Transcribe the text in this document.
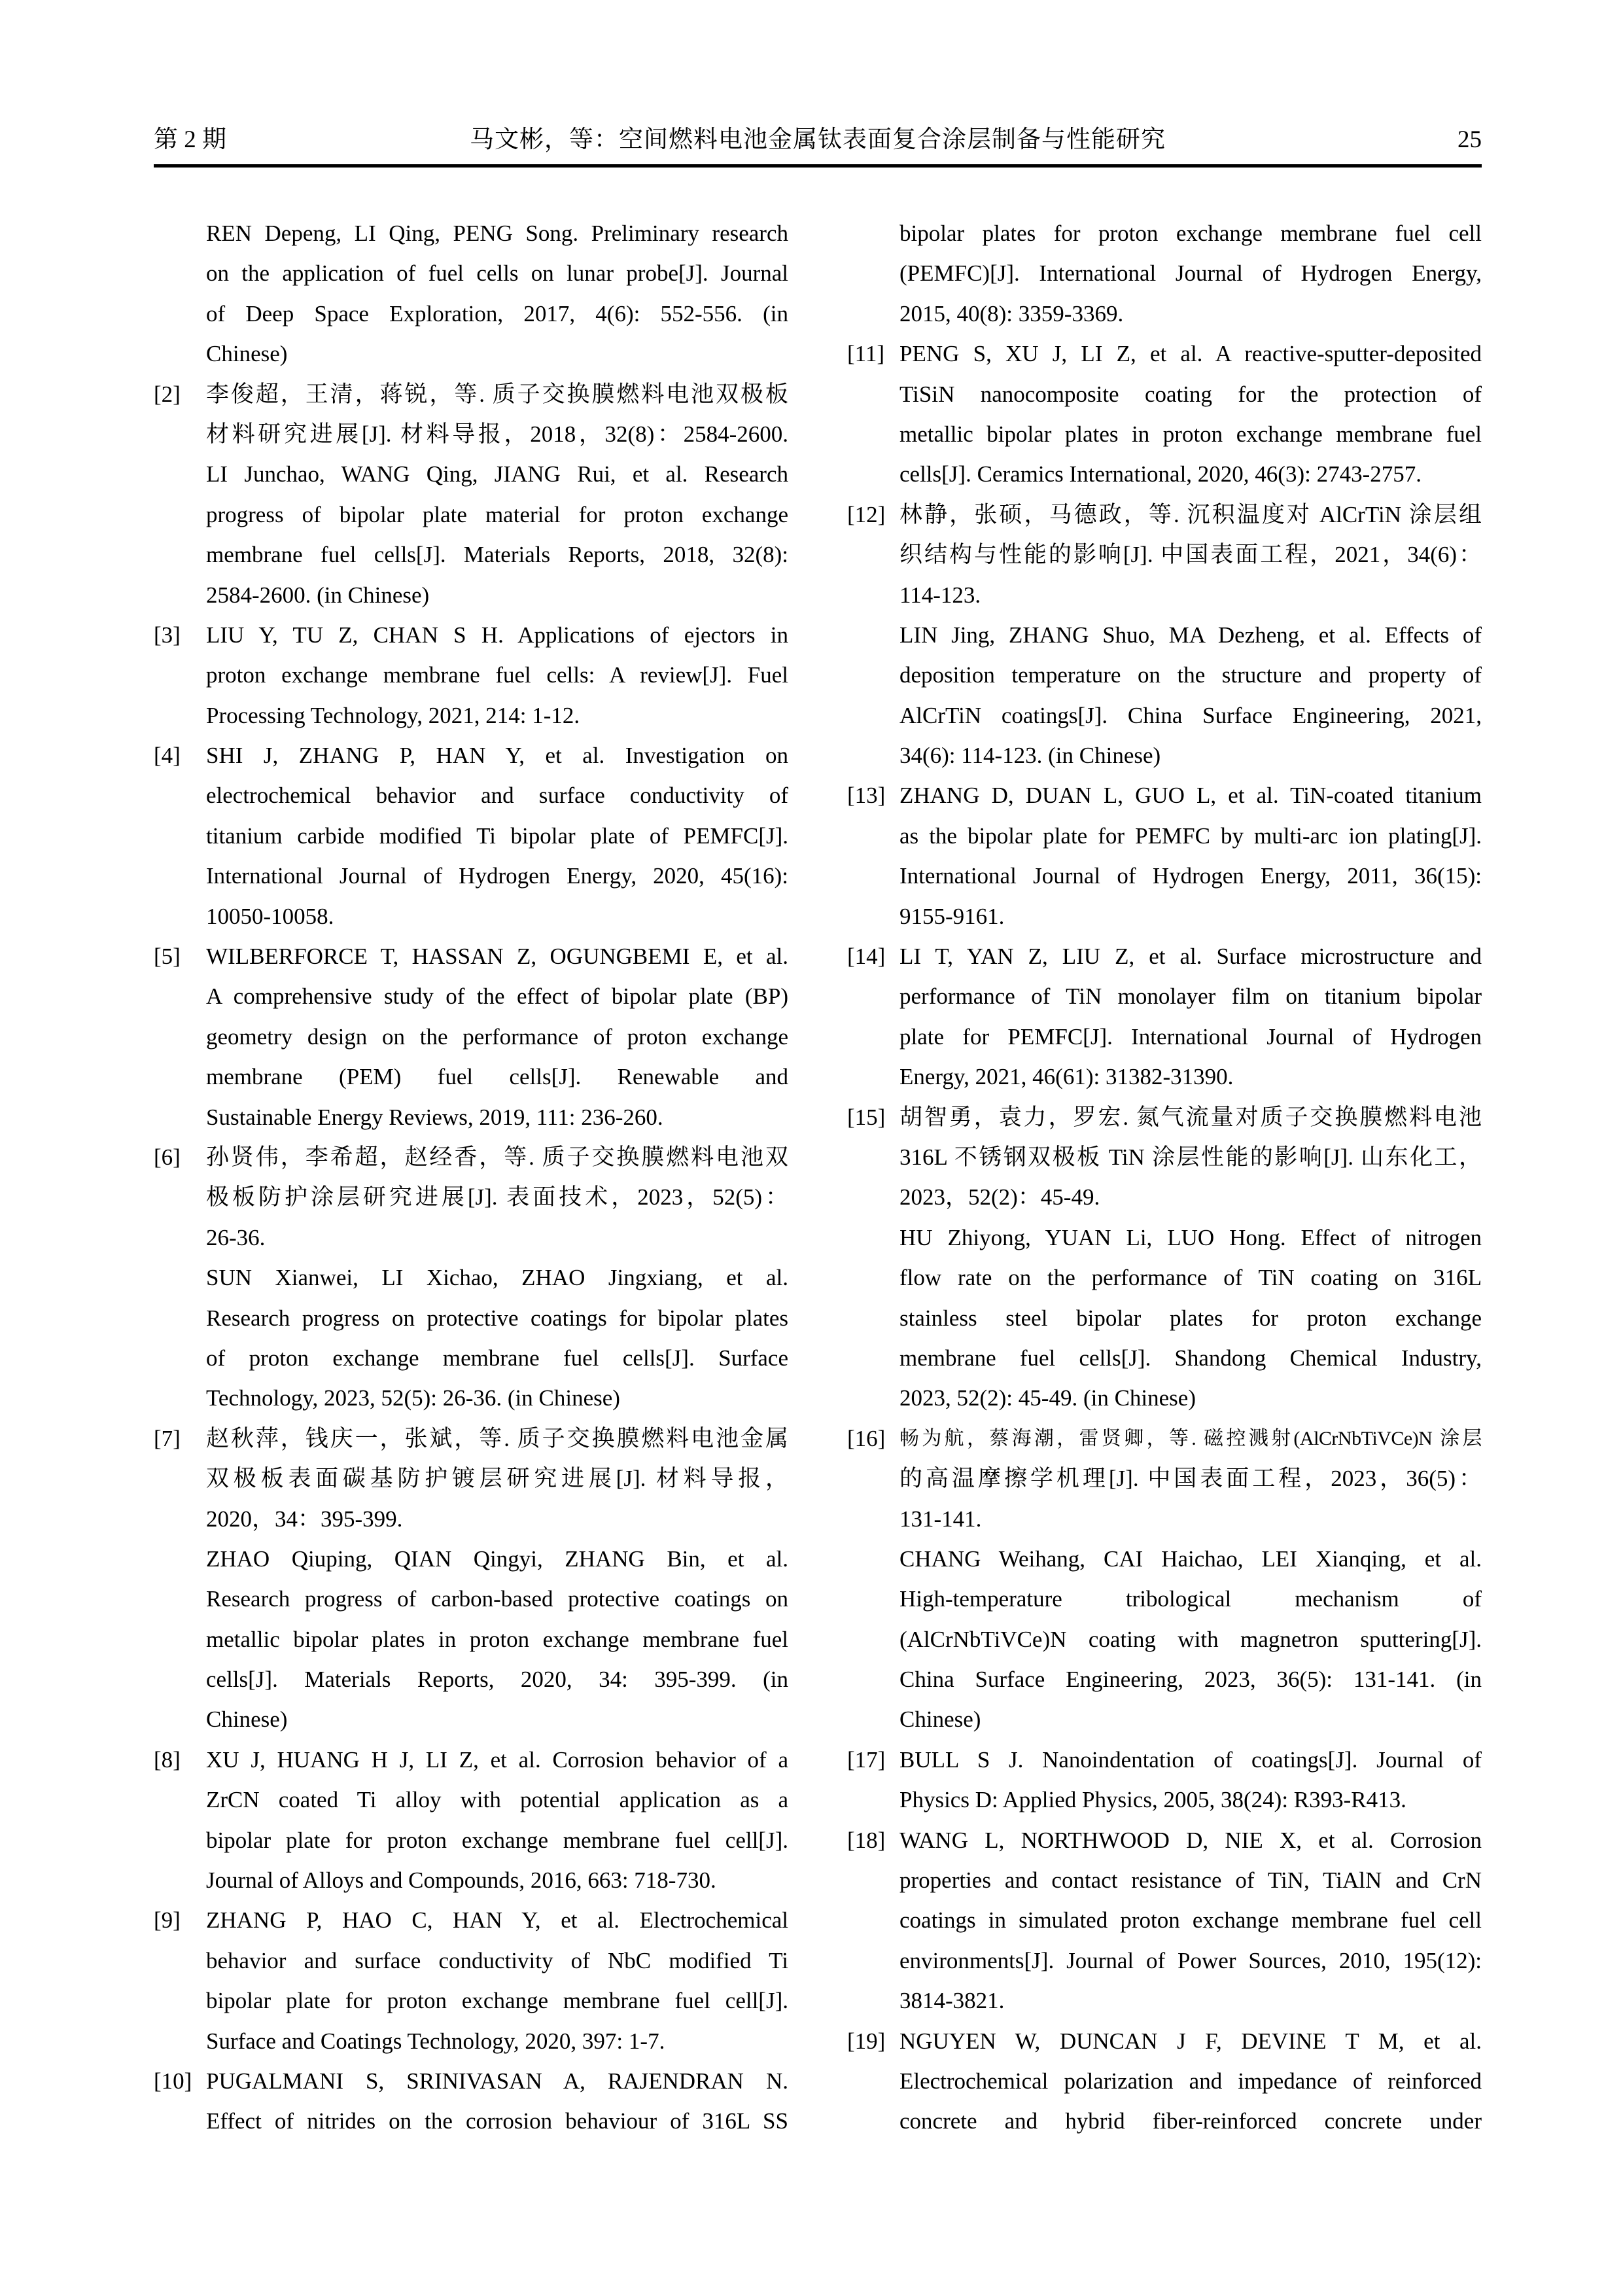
第 2 期	马文彬，等：空间燃料电池金属钛表面复合涂层制备与性能研究	25
REN Depeng, LI Qing, PENG Song. Preliminary research
on the application of fuel cells on lunar probe[J]. Journal
of Deep Space Exploration, 2017, 4(6): 552-556. (in
Chinese)
[2]	李俊超，王清，蒋锐，等. 质子交换膜燃料电池双极板
材料研究进展[J]. 材料导报，2018，32(8)：2584-2600.
LI Junchao, WANG Qing, JIANG Rui, et al. Research
progress of bipolar plate material for proton exchange
membrane fuel cells[J]. Materials Reports, 2018, 32(8):
2584-2600. (in Chinese)
[3]	LIU Y, TU Z, CHAN S H. Applications of ejectors in
proton exchange membrane fuel cells: A review[J]. Fuel
Processing Technology, 2021, 214: 1-12.
[4]	SHI J, ZHANG P, HAN Y, et al. Investigation on
electrochemical behavior and surface conductivity of
titanium carbide modified Ti bipolar plate of PEMFC[J].
International Journal of Hydrogen Energy, 2020, 45(16):
10050-10058.
[5]	WILBERFORCE T, HASSAN Z, OGUNGBEMI E, et al.
A comprehensive study of the effect of bipolar plate (BP)
geometry design on the performance of proton exchange
membrane (PEM) fuel cells[J]. Renewable and
Sustainable Energy Reviews, 2019, 111: 236-260.
[6]	孙贤伟，李希超，赵经香，等. 质子交换膜燃料电池双
极板防护涂层研究进展[J]. 表面技术，2023，52(5)：
26-36.
SUN Xianwei, LI Xichao, ZHAO Jingxiang, et al.
Research progress on protective coatings for bipolar plates
of proton exchange membrane fuel cells[J]. Surface
Technology, 2023, 52(5): 26-36. (in Chinese)
[7]	赵秋萍，钱庆一，张斌，等. 质子交换膜燃料电池金属
双极板表面碳基防护镀层研究进展[J]. 材料导报，
2020，34：395-399.
ZHAO Qiuping, QIAN Qingyi, ZHANG Bin, et al.
Research progress of carbon-based protective coatings on
metallic bipolar plates in proton exchange membrane fuel
cells[J]. Materials Reports, 2020, 34: 395-399. (in
Chinese)
[8]	XU J, HUANG H J, LI Z, et al. Corrosion behavior of a
ZrCN coated Ti alloy with potential application as a
bipolar plate for proton exchange membrane fuel cell[J].
Journal of Alloys and Compounds, 2016, 663: 718-730.
[9]	ZHANG P, HAO C, HAN Y, et al. Electrochemical
behavior and surface conductivity of NbC modified Ti
bipolar plate for proton exchange membrane fuel cell[J].
Surface and Coatings Technology, 2020, 397: 1-7.
[10] PUGALMANI S, SRINIVASAN A, RAJENDRAN N.
Effect of nitrides on the corrosion behaviour of 316L SS
bipolar plates for proton exchange membrane fuel cell
(PEMFC)[J]. International Journal of Hydrogen Energy,
2015, 40(8): 3359-3369.
[11] PENG S, XU J, LI Z, et al. A reactive-sputter-deposited
TiSiN nanocomposite coating for the protection of
metallic bipolar plates in proton exchange membrane fuel
cells[J]. Ceramics International, 2020, 46(3): 2743-2757.
[12] 林静，张硕，马德政，等. 沉积温度对 AlCrTiN 涂层组
织结构与性能的影响[J]. 中国表面工程，2021，34(6)：
114-123.
LIN Jing, ZHANG Shuo, MA Dezheng, et al. Effects of
deposition temperature on the structure and property of
AlCrTiN coatings[J]. China Surface Engineering, 2021,
34(6): 114-123. (in Chinese)
[13] ZHANG D, DUAN L, GUO L, et al. TiN-coated titanium
as the bipolar plate for PEMFC by multi-arc ion plating[J].
International Journal of Hydrogen Energy, 2011, 36(15):
9155-9161.
[14] LI T, YAN Z, LIU Z, et al. Surface microstructure and
performance of TiN monolayer film on titanium bipolar
plate for PEMFC[J]. International Journal of Hydrogen
Energy, 2021, 46(61): 31382-31390.
[15] 胡智勇，袁力，罗宏. 氮气流量对质子交换膜燃料电池
316L 不锈钢双极板 TiN 涂层性能的影响[J]. 山东化工，
2023，52(2)：45-49.
HU Zhiyong, YUAN Li, LUO Hong. Effect of nitrogen
flow rate on the performance of TiN coating on 316L
stainless steel bipolar plates for proton exchange
membrane fuel cells[J]. Shandong Chemical Industry,
2023, 52(2): 45-49. (in Chinese)
[16] 畅为航，蔡海潮，雷贤卿，等. 磁控溅射(AlCrNbTiVCe)N 涂层
的高温摩擦学机理[J]. 中国表面工程，2023，36(5)：
131-141.
CHANG Weihang, CAI Haichao, LEI Xianqing, et al.
High-temperature tribological mechanism of
(AlCrNbTiVCe)N coating with magnetron sputtering[J].
China Surface Engineering, 2023, 36(5): 131-141. (in
Chinese)
[17] BULL S J. Nanoindentation of coatings[J]. Journal of
Physics D: Applied Physics, 2005, 38(24): R393-R413.
[18] WANG L, NORTHWOOD D, NIE X, et al. Corrosion
properties and contact resistance of TiN, TiAlN and CrN
coatings in simulated proton exchange membrane fuel cell
environments[J]. Journal of Power Sources, 2010, 195(12):
3814-3821.
[19] NGUYEN W, DUNCAN J F, DEVINE T M, et al.
Electrochemical polarization and impedance of reinforced
concrete and hybrid fiber-reinforced concrete under
